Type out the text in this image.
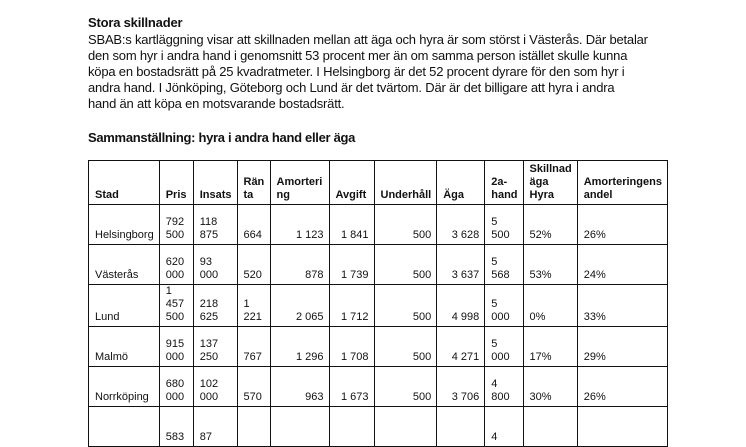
Stora skillnader
SBAB:s kartläggning visar att skillnaden mellan att äga och hyra är som störst i Västerås. Där betalar
den som hyr i andra hand i genomsnitt 53 procent mer än om samma person istället skulle kunna
köpa en bostadsrätt på 25 kvadratmeter. I Helsingborg är det 52 procent dyrare för den som hyr i
andra hand. I Jönköping, Göteborg och Lund är det tvärtom. Där är det billigare att hyra i andra
hand än att köpa en motsvarande bostadsrätt.
Sammanställning: hyra i andra hand eller äga
Stad	Pris	Insats	Räntа	Amorteri ng	Avgift	Underhåll	Äga	2a-hand	Skillnad äga Hyra	Amorteringens andel
Helsingborg	792 500	118 875	664	1 123	1 841	500	3 628	5 500	52%	26%
Västerås	620 000	93 000	520	878	1 739	500	3 637	5 568	53%	24%
Lund	1 457 500	218 625	1 221	2 065	1 712	500	4 998	5 000	0%	33%
Malmö	915 000	137 250	767	1 296	1 708	500	4 271	5 000	17%	29%
Norrköping	680 000	102 000	570	963	1 673	500	3 706	4 800	30%	26%
	583	87						4		
